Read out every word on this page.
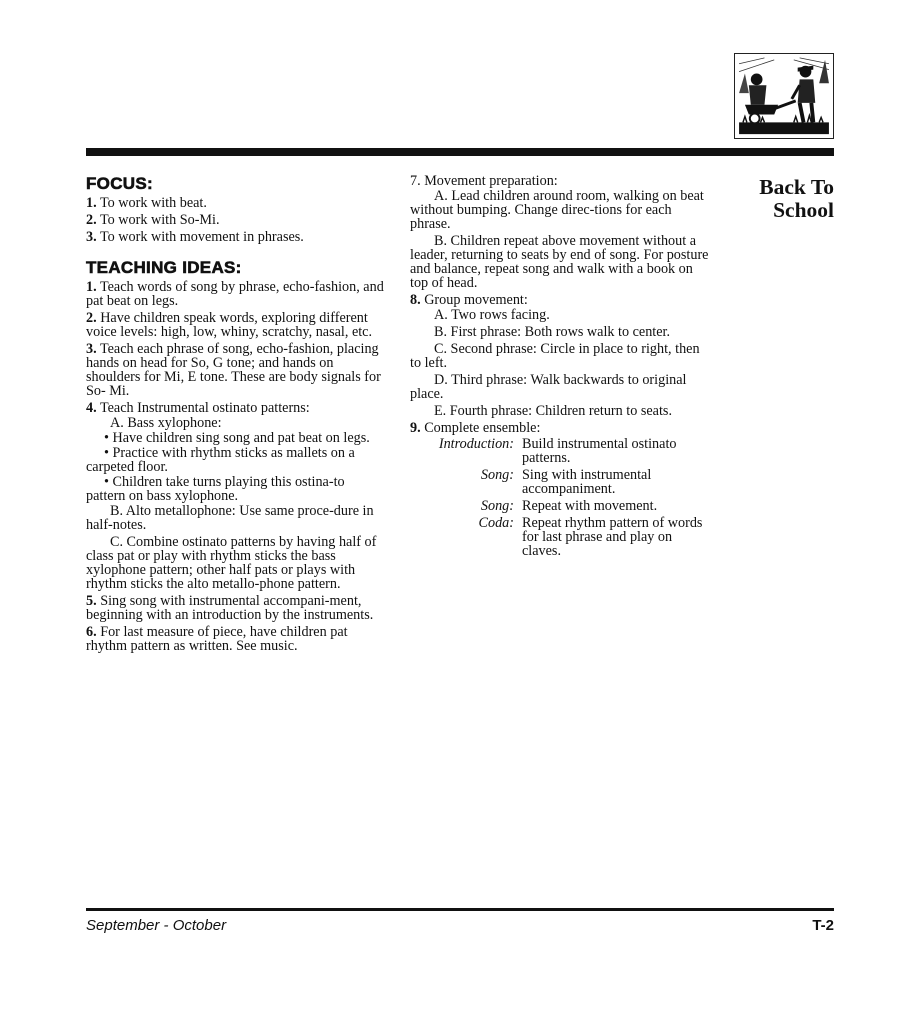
Back To
School
FOCUS:
1. To work with beat.
2. To work with So-Mi.
3. To work with movement in phrases.
TEACHING IDEAS:
1. Teach words of song by phrase, echo-fashion, and pat beat on legs.
2. Have children speak words, exploring different voice levels: high, low, whiny, scratchy, nasal, etc.
3. Teach each phrase of song, echo-fashion, placing hands on head for So, G tone; and hands on shoulders for Mi, E tone. These are body signals for So- Mi.
4. Teach Instrumental ostinato patterns:
A. Bass xylophone:
• Have children sing song and pat beat on legs.
• Practice with rhythm sticks as mallets on a carpeted floor.
• Children take turns playing this ostina-to pattern on bass xylophone.
B. Alto metallophone: Use same proce-dure in half-notes.
C. Combine ostinato patterns by having half of class pat or play with rhythm sticks the bass xylophone pattern; other half pats or plays with rhythm sticks the alto metallo-phone pattern.
5. Sing song with instrumental accompani-ment, beginning with an introduction by the instruments.
6. For last measure of piece, have children pat rhythm pattern as written. See music.
7. Movement preparation:
A. Lead children around room, walking on beat without bumping. Change direc-tions for each phrase.
B. Children repeat above movement without a leader, returning to seats by end of song. For posture and balance, repeat song and walk with a book on top of head.
8. Group movement:
A. Two rows facing.
B. First phrase: Both rows walk to center.
C. Second phrase: Circle in place to right, then to left.
D. Third phrase: Walk backwards to original place.
E. Fourth phrase: Children return to seats.
9. Complete ensemble:
Introduction: Build instrumental ostinato patterns.
Song: Sing with instrumental accompaniment.
Song: Repeat with movement.
Coda: Repeat rhythm pattern of words for last phrase and play on claves.
September - October	T-2
